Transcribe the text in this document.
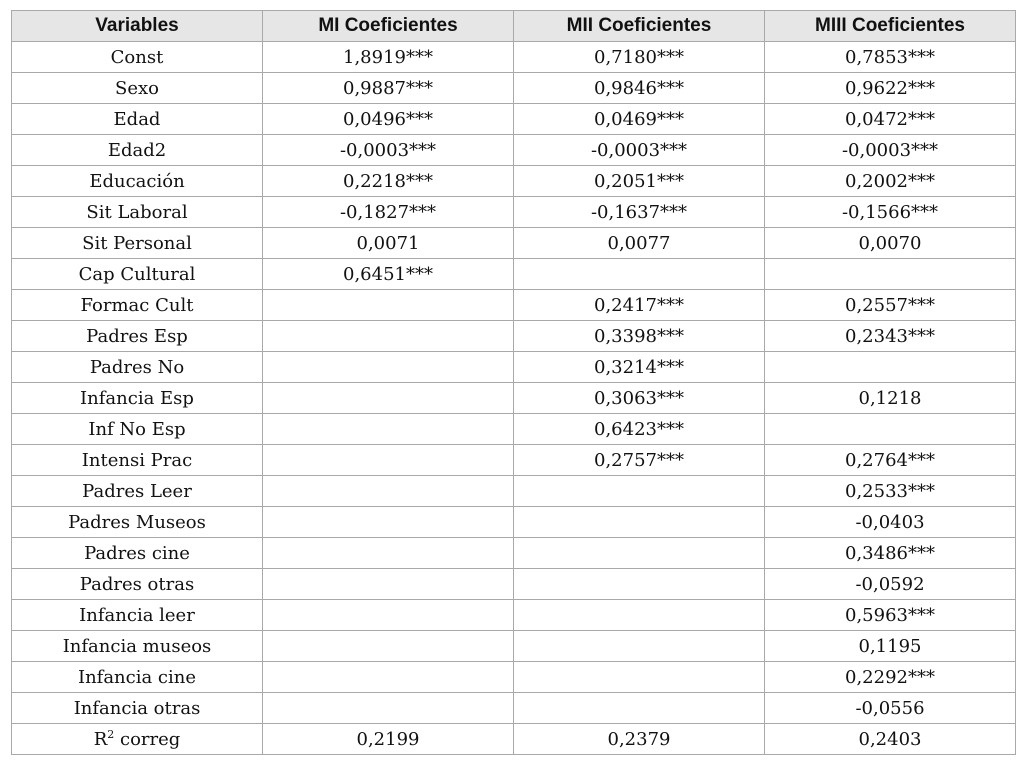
Variables	MI Coeficientes	MII Coeficientes	MIII Coeficientes
Const	1,8919***	0,7180***	0,7853***
Sexo	0,9887***	0,9846***	0,9622***
Edad	0,0496***	0,0469***	0,0472***
Edad2	-0,0003***	-0,0003***	-0,0003***
Educación	0,2218***	0,2051***	0,2002***
Sit Laboral	-0,1827***	-0,1637***	-0,1566***
Sit Personal	0,0071	0,0077	0,0070
Cap Cultural	0,6451***		
Formac Cult		0,2417***	0,2557***
Padres Esp		0,3398***	0,2343***
Padres No		0,3214***	
Infancia Esp		0,3063***	0,1218
Inf No Esp		0,6423***	
Intensi Prac		0,2757***	0,2764***
Padres Leer			0,2533***
Padres Museos			-0,0403
Padres cine			0,3486***
Padres otras			-0,0592
Infancia leer			0,5963***
Infancia museos			0,1195
Infancia cine			0,2292***
Infancia otras			-0,0556
$R^2$ correg	0,2199	0,2379	0,2403
